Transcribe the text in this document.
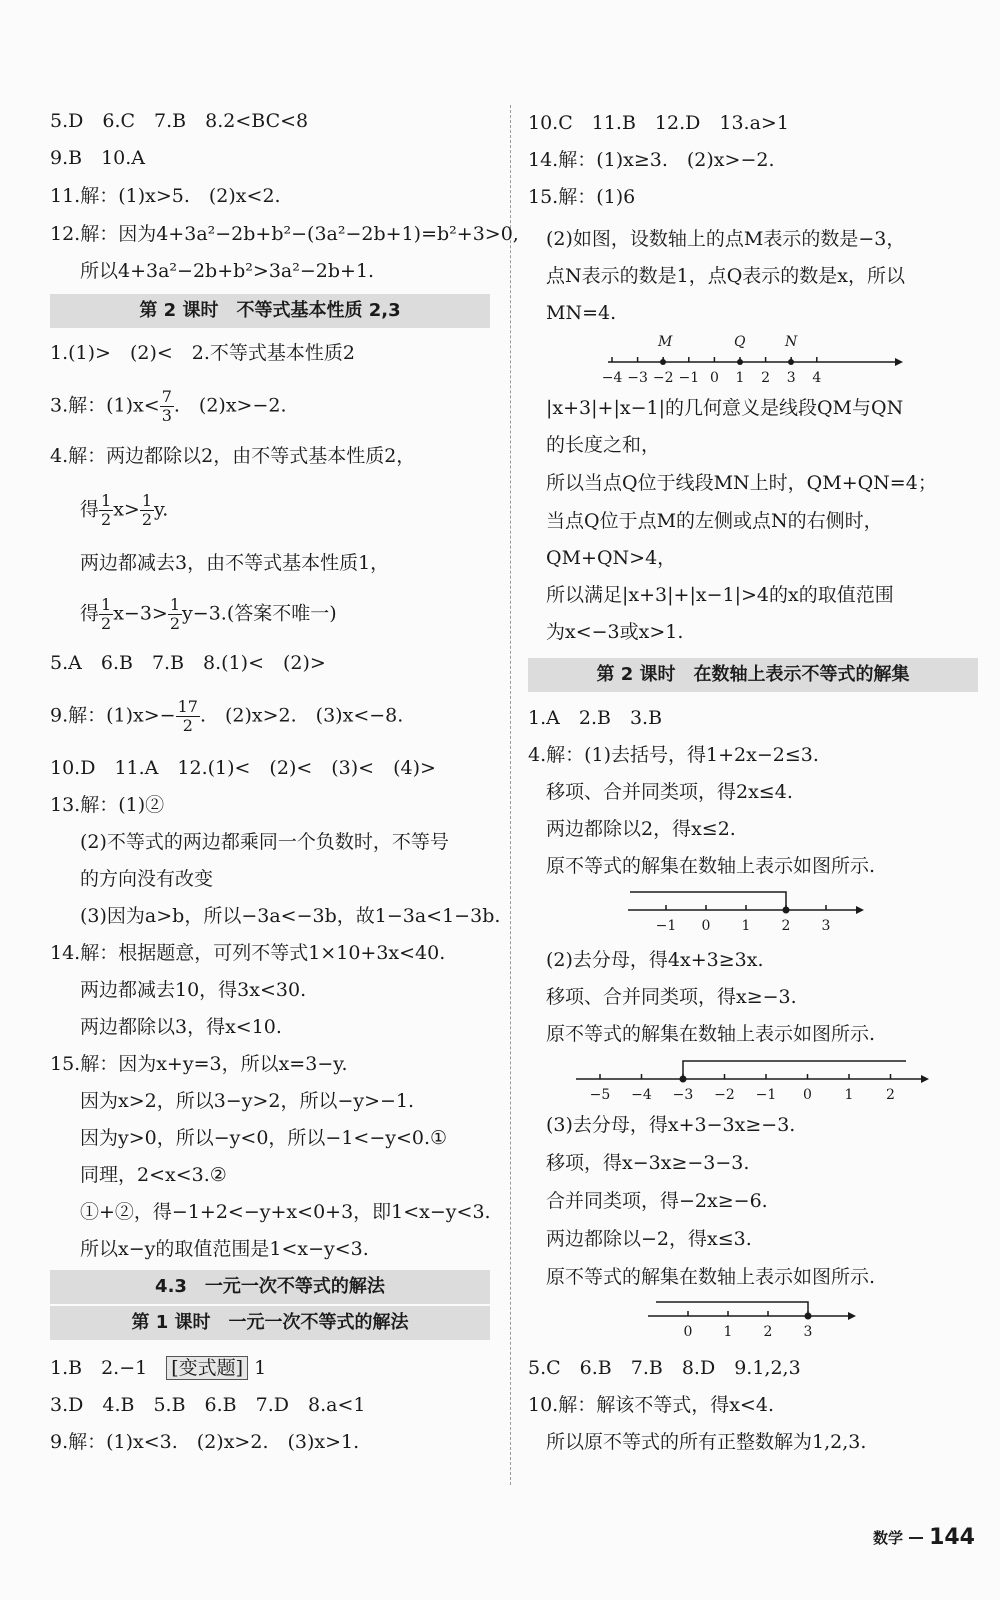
5.D　6.C　7.B　8.2<BC<8
9.B　10.A
11.解：(1)x>5.　(2)x<2.
12.解：因为4+3a²−2b+b²−(3a²−2b+1)=b²+3>0,
所以4+3a²−2b+b²>3a²−2b+1.
第 2 课时　不等式基本性质 2,3
1.(1)>　(2)<　2.不等式基本性质2
3.解：$(1)x< \frac{7}{3}$ .　(2)x>−2.
4.解：两边都除以2，由不等式基本性质2，
得 $\frac{1}{2} x> \frac{1}{2} y$.
两边都减去3，由不等式基本性质1，
得 $\frac{1}{2} x-3> \frac{1}{2} y-3$.(答案不唯一)
5.A　6.B　7.B　8.(1)<　(2)>
9.解：$(1)x>- \frac{17}{2}$ .　(2)x>2.　(3)x<−8.
10.D　11.A　12.(1)<　(2)<　(3)<　(4)>
13.解：(1)②
(2)不等式的两边都乘同一个负数时，不等号
的方向没有改变
(3)因为a>b，所以−3a<−3b，故1−3a<1−3b.
14.解：根据题意，可列不等式1×10+3x<40.
两边都减去10，得3x<30.
两边都除以3，得x<10.
15.解：因为x+y=3，所以x=3−y.
因为x>2，所以3−y>2，所以−y>−1.
因为y>0，所以−y<0，所以−1<−y<0.①
同理，2<x<3.②
①+②，得−1+2<−y+x<0+3，即1<x−y<3.
所以x−y的取值范围是1<x−y<3.
4.3　一元一次不等式的解法
第 1 课时　一元一次不等式的解法
1.B　2.−1　[变式题] 1
3.D　4.B　5.B　6.B　7.D　8.a<1
9.解：(1)x<3.　(2)x>2.　(3)x>1.
10.C　11.B　12.D　13.a>1
14.解：(1)x≥3.　(2)x>−2.
15.解：(1)6
(2)如图，设数轴上的点M表示的数是−3，
点N表示的数是1，点Q表示的数是x，所以
MN=4.
−4 −3 −2 −1 0 1 2 3 4
M	Q	N
|x+3|+|x−1|的几何意义是线段QM与QN
的长度之和，
所以当点Q位于线段MN上时，QM+QN=4；
当点Q位于点M的左侧或点N的右侧时，
QM+QN>4，
所以满足|x+3|+|x−1|>4的x的取值范围
为x<−3或x>1.
第 2 课时　在数轴上表示不等式的解集
1.A　2.B　3.B
4.解：(1)去括号，得1+2x−2≤3.
移项、合并同类项，得2x≤4.
两边都除以2，得x≤2.
原不等式的解集在数轴上表示如图所示.
−1 0 1 2 3
(2)去分母，得4x+3≥3x.
移项、合并同类项，得x≥−3.
原不等式的解集在数轴上表示如图所示.
−5 −4 −3 −2 −1 0 1 2
(3)去分母，得x+3−3x≥−3.
移项，得x−3x≥−3−3.
合并同类项，得−2x≥−6.
两边都除以−2，得x≤3.
原不等式的解集在数轴上表示如图所示.
0 1 2 3
5.C　6.B　7.B　8.D　9.1,2,3
10.解：解该不等式，得x<4.
所以原不等式的所有正整数解为1,2,3.
数学 144
